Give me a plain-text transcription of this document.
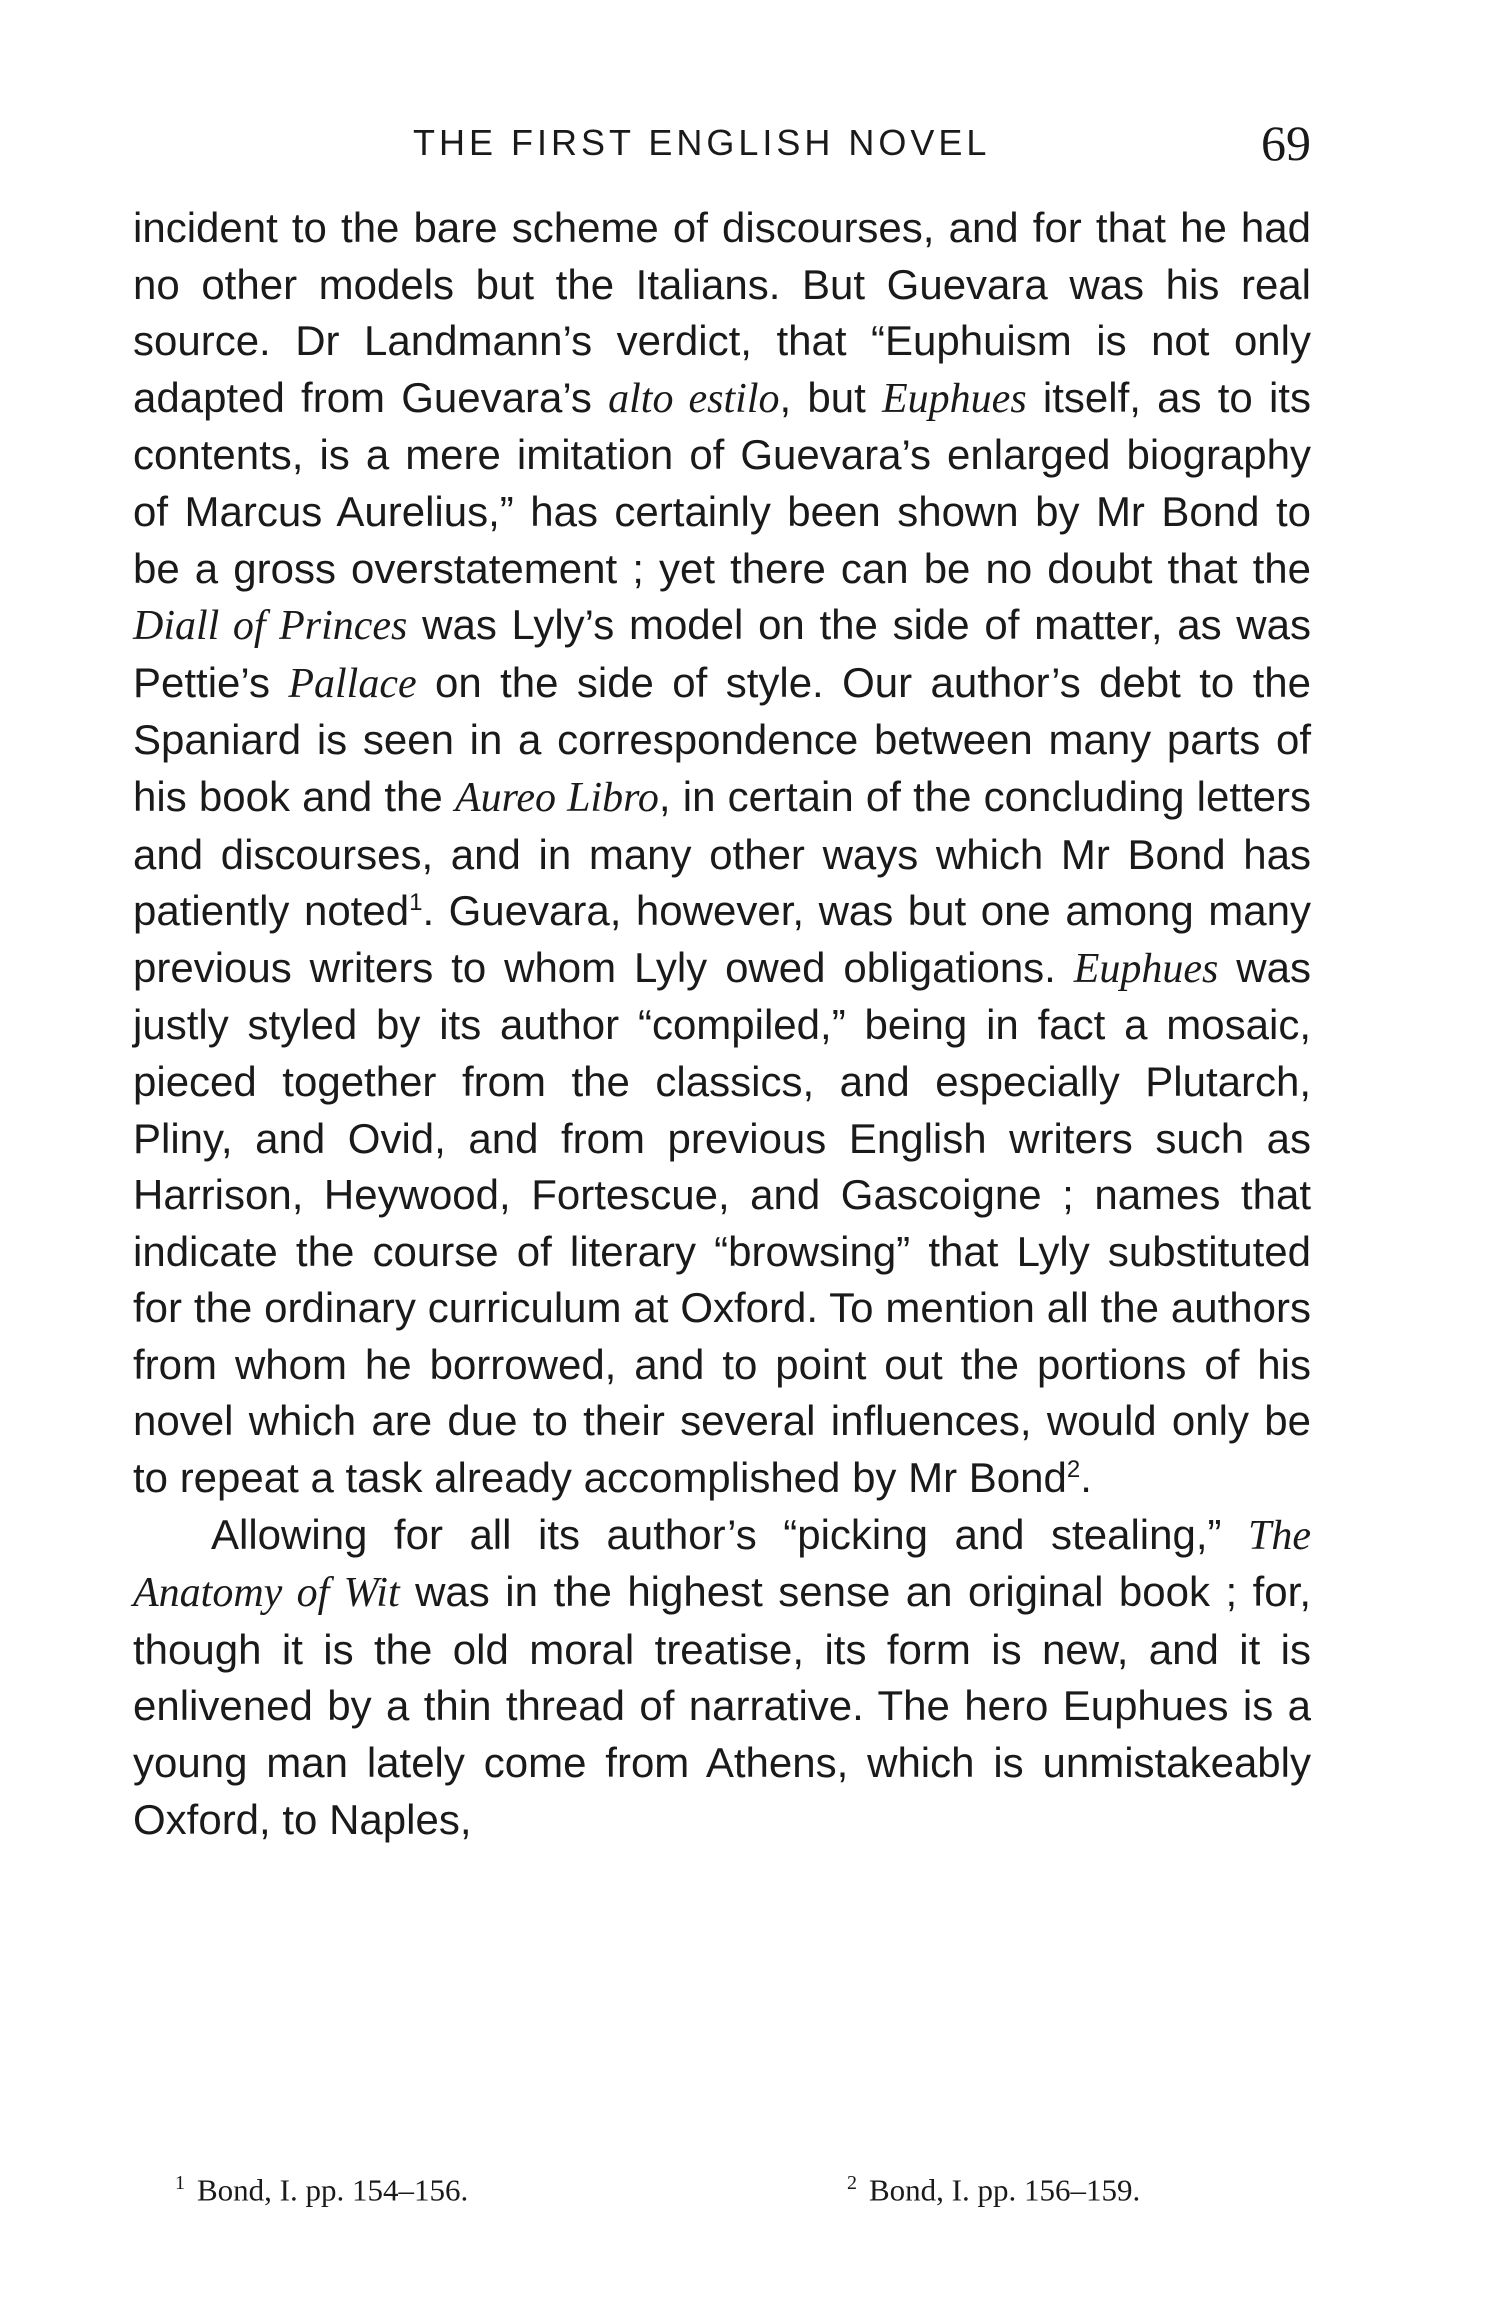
THE FIRST ENGLISH NOVEL	69

incident to the bare scheme of discourses, and for that he had no other models but the Italians. But Guevara was his real source. Dr Landmann’s verdict, that “Euphuism is not only adapted from Guevara’s alto estilo, but Euphues itself, as to its contents, is a mere imitation of Guevara’s enlarged biography of Marcus Aurelius,” has certainly been shown by Mr Bond to be a gross overstatement ; yet there can be no doubt that the Diall of Princes was Lyly’s model on the side of matter, as was Pettie’s Pallace on the side of style. Our author’s debt to the Spaniard is seen in a correspondence between many parts of his book and the Aureo Libro, in certain of the concluding letters and discourses, and in many other ways which Mr Bond has patiently noted$^1$. Guevara, however, was but one among many previous writers to whom Lyly owed obligations. Euphues was justly styled by its author “compiled,” being in fact a mosaic, pieced together from the classics, and especially Plutarch, Pliny, and Ovid, and from previous English writers such as Harrison, Heywood, Fortescue, and Gascoigne ; names that indicate the course of literary “browsing” that Lyly substituted for the ordinary curriculum at Oxford. To mention all the authors from whom he borrowed, and to point out the portions of his novel which are due to their several influences, would only be to repeat a task already accomplished by Mr Bond$^2$.

Allowing for all its author’s “picking and stealing,” The Anatomy of Wit was in the highest sense an original book ; for, though it is the old moral treatise, its form is new, and it is enlivened by a thin thread of narrative. The hero Euphues is a young man lately come from Athens, which is unmistakeably Oxford, to Naples,

$^1$ Bond, I. pp. 154–156.	$^2$ Bond, I. pp. 156–159.
